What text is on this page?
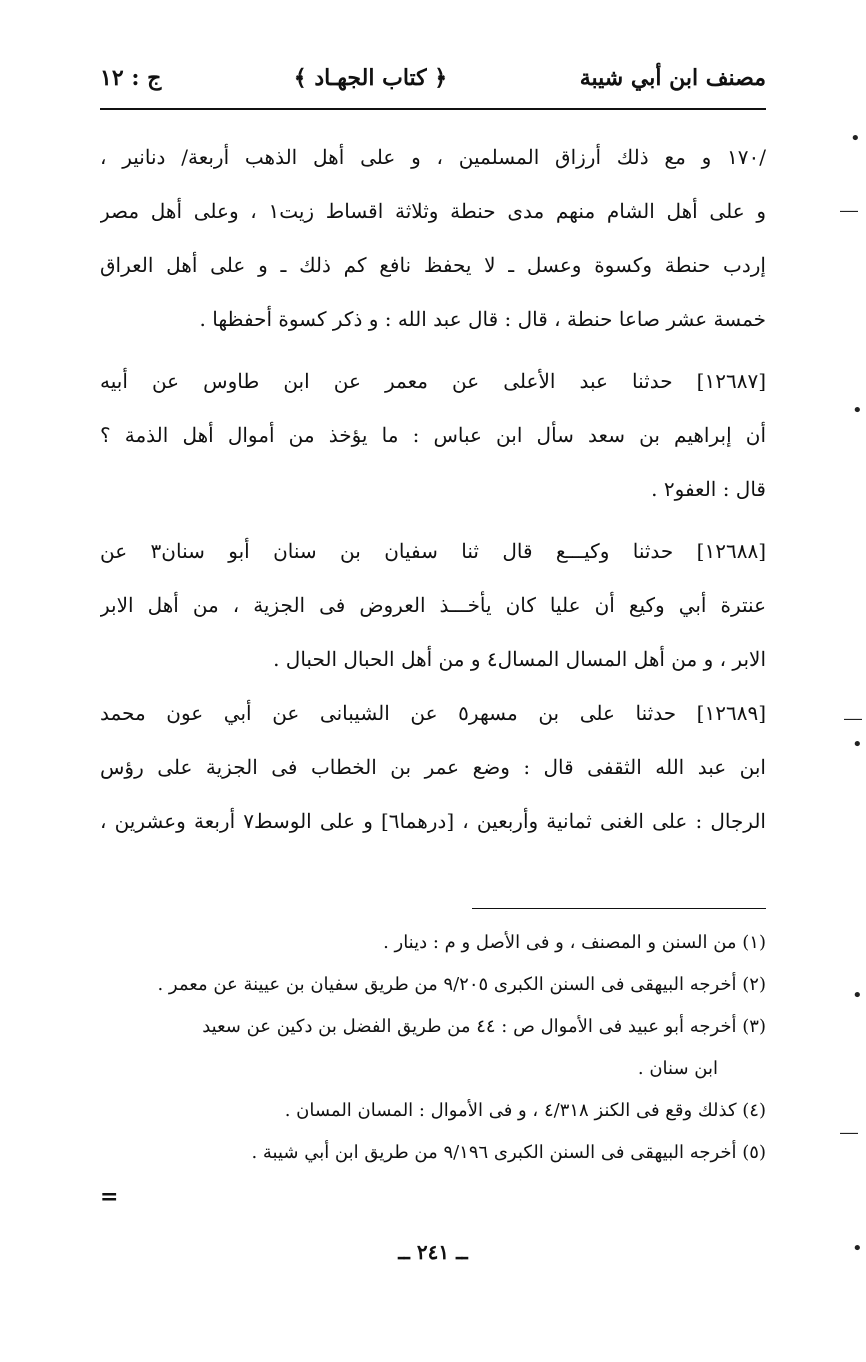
مصنف ابن أبي شيبة
﴿ كتاب الجهـاد ﴾
ج : ١٢
/١٧٠ و مع ذلك أرزاق المسلمين ، و على أهل الذهب أربعة/ دنانير ،
و على أهل الشام منهم مدى حنطة وثلاثة اقساط زيت١ ، وعلى أهل مصر
إردب حنطة وكسوة وعسل ـ لا يحفظ نافع كم ذلك ـ و على أهل العراق
خمسة عشر صاعا حنطة ، قال : قال عبد الله : و ذكر كسوة أحفظها .
[١٢٦٨٧] حدثنا عبد الأعلى عن معمر عن ابن طاوس عن أبيه
أن إبراهيم بن سعد سأل ابن عباس : ما يؤخذ من أموال أهل الذمة ؟
قال : العفو٢ .
[١٢٦٨٨] حدثنا وكيـــع قال ثنا سفيان بن سنان أبو سنان٣ عن
عنترة أبي وكيع أن عليا كان يأخـــذ العروض فى الجزية ، من أهل الابر
الابر ، و من أهل المسال المسال٤ و من أهل الحبال الحبال .
[١٢٦٨٩] حدثنا على بن مسهر٥ عن الشيبانى عن أبي عون محمد
ابن عبد الله الثقفى قال : وضع عمر بن الخطاب فى الجزية على رؤس
الرجال : على الغنى ثمانية وأربعين ، [درهما٦] و على الوسط٧ أربعة وعشرين ،
(١) من السنن و المصنف ، و فى الأصل و م : دينار .
(٢) أخرجه البيهقى فى السنن الكبرى ٩/٢٠٥ من طريق سفيان بن عيينة عن معمر .
(٣) أخرجه أبو عبيد فى الأموال ص : ٤٤ من طريق الفضل بن دكين عن سعيد
ابن سنان .
(٤) كذلك وقع فى الكنز ٤/٣١٨ ، و فى الأموال : المسان المسان .
(٥) أخرجه البيهقى فى السنن الكبرى ٩/١٩٦ من طريق ابن أبي شيبة .
=
ــ ٢٤١ ــ
•
―
•
―
•
•
―
•
